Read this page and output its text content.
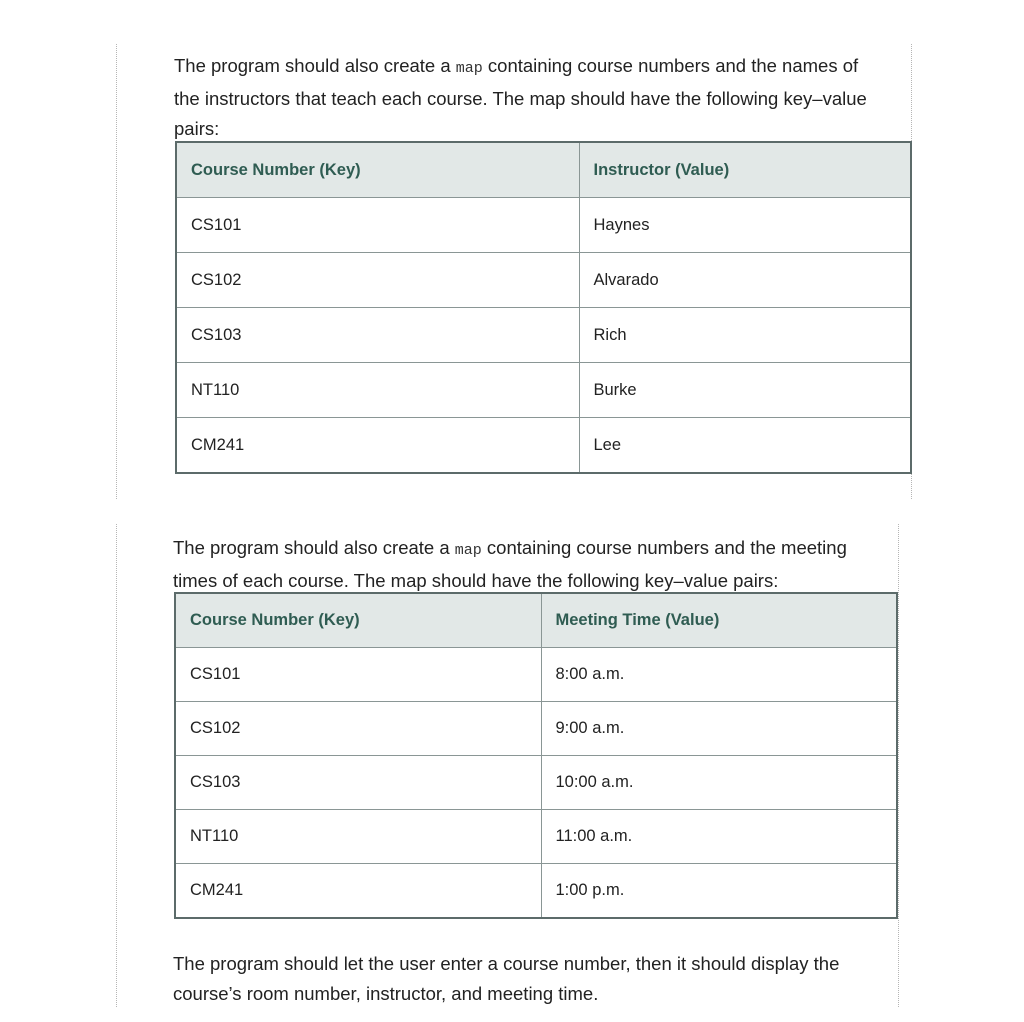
The program should also create a map containing course numbers and the names of
the instructors that teach each course. The map should have the following key–value
pairs:

Course Number (Key)	Instructor (Value)
CS101	Haynes
CS102	Alvarado
CS103	Rich
NT110	Burke
CM241	Lee

The program should also create a map containing course numbers and the meeting
times of each course. The map should have the following key–value pairs:

Course Number (Key)	Meeting Time (Value)
CS101	8:00 a.m.
CS102	9:00 a.m.
CS103	10:00 a.m.
NT110	11:00 a.m.
CM241	1:00 p.m.

The program should let the user enter a course number, then it should display the
course’s room number, instructor, and meeting time.
